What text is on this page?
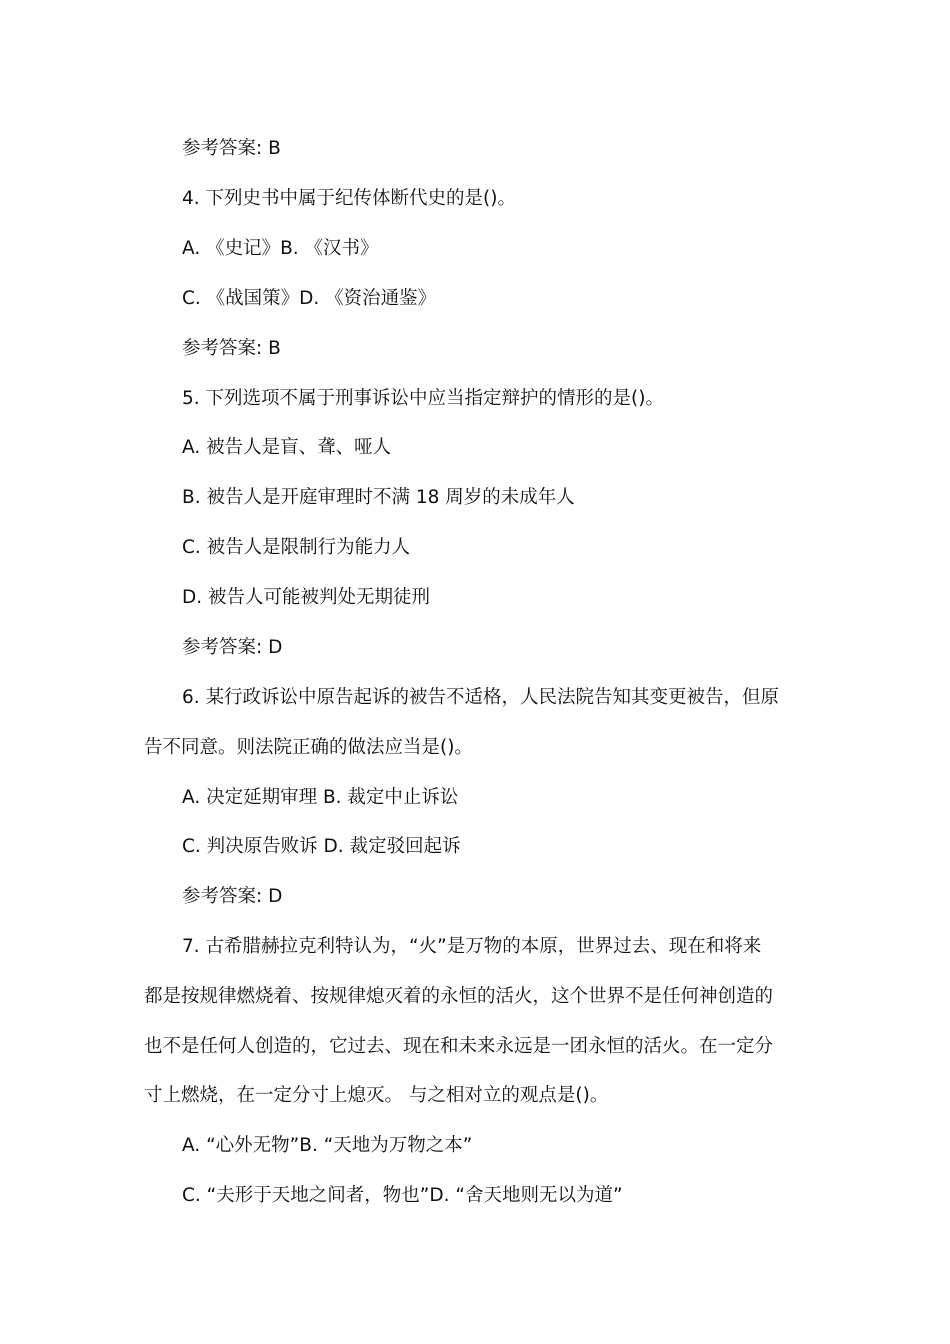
参考答案: B

4. 下列史书中属于纪传体断代史的是()。

A. 《史记》B. 《汉书》

C. 《战国策》D. 《资治通鉴》

参考答案: B

5. 下列选项不属于刑事诉讼中应当指定辩护的情形的是()。

A. 被告人是盲、聋、哑人

B. 被告人是开庭审理时不满 18 周岁的未成年人

C. 被告人是限制行为能力人

D. 被告人可能被判处无期徒刑

参考答案: D

6. 某行政诉讼中原告起诉的被告不适格，人民法院告知其变更被告，但原

告不同意。则法院正确的做法应当是()。

A. 决定延期审理 B. 裁定中止诉讼

C. 判决原告败诉 D. 裁定驳回起诉

参考答案: D

7. 古希腊赫拉克利特认为，“火”是万物的本原，世界过去、现在和将来

都是按规律燃烧着、按规律熄灭着的永恒的活火，这个世界不是任何神创造的

也不是任何人创造的，它过去、现在和未来永远是一团永恒的活火。在一定分

寸上燃烧，在一定分寸上熄灭。 与之相对立的观点是()。

A. “心外无物”B. “天地为万物之本”

C. “夫形于天地之间者，物也”D. “舍天地则无以为道”
